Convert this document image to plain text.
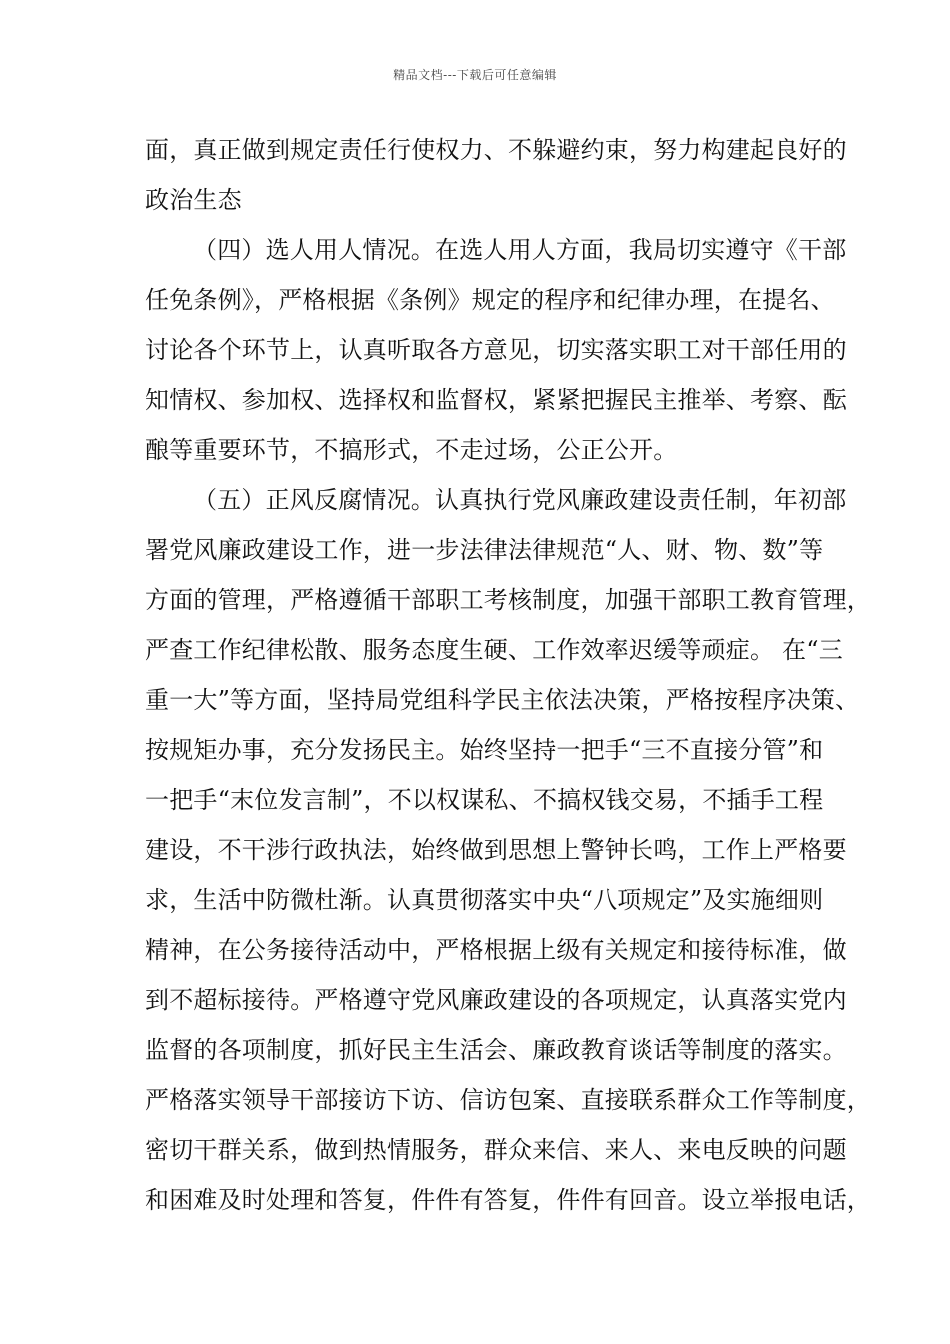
精品文档---下载后可任意编辑
面，真正做到规定责任行使权力、不躲避约束，努力构建起良好的
政治生态
（四）选人用人情况。在选人用人方面，我局切实遵守《干部
任免条例》，严格根据《条例》规定的程序和纪律办理，在提名、
讨论各个环节上，认真听取各方意见，切实落实职工对干部任用的
知情权、参加权、选择权和监督权，紧紧把握民主推举、考察、酝
酿等重要环节，不搞形式，不走过场，公正公开。
（五）正风反腐情况。认真执行党风廉政建设责任制，年初部
署党风廉政建设工作，进一步法律法律规范“人、财、物、数”等
方面的管理，严格遵循干部职工考核制度，加强干部职工教育管理，
严查工作纪律松散、服务态度生硬、工作效率迟缓等顽症。 在“三
重一大”等方面，坚持局党组科学民主依法决策，严格按程序决策、
按规矩办事，充分发扬民主。始终坚持一把手“三不直接分管”和
一把手“末位发言制”，不以权谋私、不搞权钱交易，不插手工程
建设，不干涉行政执法，始终做到思想上警钟长鸣，工作上严格要
求，生活中防微杜渐。认真贯彻落实中央“八项规定”及实施细则
精神，在公务接待活动中，严格根据上级有关规定和接待标准，做
到不超标接待。严格遵守党风廉政建设的各项规定，认真落实党内
监督的各项制度，抓好民主生活会、廉政教育谈话等制度的落实。
严格落实领导干部接访下访、信访包案、直接联系群众工作等制度，
密切干群关系，做到热情服务，群众来信、来人、来电反映的问题
和困难及时处理和答复，件件有答复，件件有回音。设立举报电话，
